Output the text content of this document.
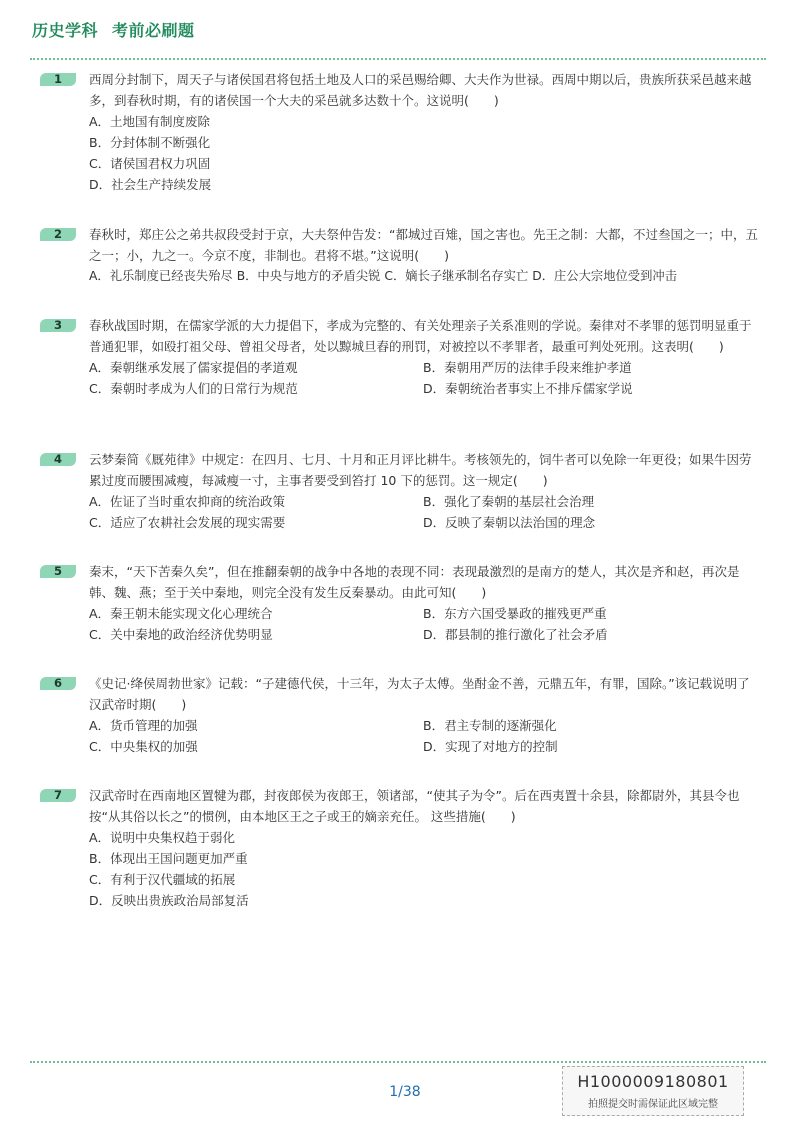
历史学科 考前必刷题
1	西周分封制下，周天子与诸侯国君将包括土地及人口的采邑赐给卿、大夫作为世禄。西周中期以后，贵族所获采邑越来越多，到春秋时期，有的诸侯国一个大夫的采邑就多达数十个。这说明(　　)
A．土地国有制度废除
B．分封体制不断强化
C．诸侯国君权力巩固
D．社会生产持续发展
2	春秋时，郑庄公之弟共叔段受封于京，大夫祭仲告发：“都城过百雉，国之害也。先王之制：大都，不过叁国之一；中，五之一；小，九之一。今京不度，非制也。君将不堪。”这说明(　　)
A．礼乐制度已经丧失殆尽 B．中央与地方的矛盾尖锐 C．嫡长子继承制名存实亡 D．庄公大宗地位受到冲击
3	春秋战国时期，在儒家学派的大力提倡下，孝成为完整的、有关处理亲子关系准则的学说。秦律对不孝罪的惩罚明显重于普通犯罪，如殴打祖父母、曾祖父母者，处以黥城旦舂的刑罚，对被控以不孝罪者，最重可判处死刑。这表明(　　)
A．秦朝继承发展了儒家提倡的孝道观	B．秦朝用严厉的法律手段来维护孝道
C．秦朝时孝成为人们的日常行为规范	D．秦朝统治者事实上不排斥儒家学说
4	云梦秦简《厩苑律》中规定：在四月、七月、十月和正月评比耕牛。考核领先的，饲牛者可以免除一年更役；如果牛因劳累过度而腰围减瘦，每减瘦一寸，主事者要受到笞打 10 下的惩罚。这一规定(　　)
A．佐证了当时重农抑商的统治政策	B．强化了秦朝的基层社会治理
C．适应了农耕社会发展的现实需要	D．反映了秦朝以法治国的理念
5	秦末，“天下苦秦久矣”，但在推翻秦朝的战争中各地的表现不同：表现最激烈的是南方的楚人，其次是齐和赵，再次是韩、魏、燕；至于关中秦地，则完全没有发生反秦暴动。由此可知(　　)
A．秦王朝未能实现文化心理统合	B．东方六国受暴政的摧残更严重
C．关中秦地的政治经济优势明显	D．郡县制的推行激化了社会矛盾
6	《史记·绛侯周勃世家》记载：“子建德代侯，十三年，为太子太傅。坐酎金不善，元鼎五年，有罪，国除。”该记载说明了汉武帝时期(　　)
A．货币管理的加强	B．君主专制的逐渐强化
C．中央集权的加强	D．实现了对地方的控制
7	汉武帝时在西南地区置犍为郡，封夜郎侯为夜郎王，领诸部，“使其子为令”。后在西夷置十余县，除都尉外，其县令也按“从其俗以长之”的惯例，由本地区王之子或王的嫡亲充任。 这些措施(　　)
A．说明中央集权趋于弱化
B．体现出王国问题更加严重
C．有利于汉代疆域的拓展
D．反映出贵族政治局部复活
1/38
H1000009180801
拍照提交时需保证此区域完整
